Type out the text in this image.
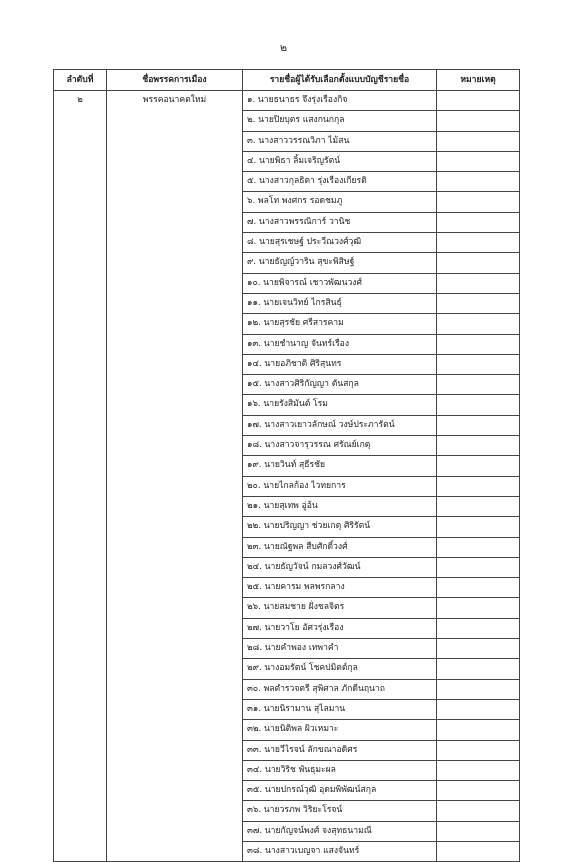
๒
ลำดับที่	ชื่อพรรคการเมือง	รายชื่อผู้ได้รับเลือกตั้งแบบบัญชีรายชื่อ	หมายเหตุ
๒	พรรคอนาคตใหม่	๑. นายธนาธร จึงรุ่งเรืองกิจ	
		๒. นายปิยบุตร แสงกนกกุล	
		๓. นางสาววรรณวิภา ไม้สน	
		๔. นายพิธา ลิ้มเจริญรัตน์	
		๕. นางสาวกุลธิดา รุ่งเรืองเกียรติ	
		๖. พลโท พงศกร รอดชมภู	
		๗. นางสาวพรรณิการ์ วานิช	
		๘. นายสุรเชษฐ์ ประวีณวงศ์วุฒิ	
		๙. นายธัญญ์วาริน สุขะพิสิษฐ์	
		๑๐. นายพิจารณ์ เชาวพัฒนวงศ์	
		๑๑. นายเจนวิทย์ ไกรสินธุ์	
		๑๒. นายสุรชัย ศรีสารคาม	
		๑๓. นายชำนาญ จันทร์เรือง	
		๑๔. นายอภิชาติ ศิริสุนทร	
		๑๕. นางสาวศิริกัญญา ตันสกุล	
		๑๖. นายรังสิมันต์ โรม	
		๑๗. นางสาวเยาวลักษณ์ วงษ์ประภารัตน์	
		๑๘. นางสาวจารุวรรณ ศรัณย์เกตุ	
		๑๙. นายวินท์ สุธีรชัย	
		๒๐. นายไกลก้อง ไวทยการ	
		๒๑. นายสุเทพ อู่อ้น	
		๒๒. นายปริญญา ช่วยเกตุ ศิริรัตน์	
		๒๓. นายณัฐพล สืบศักดิ์วงศ์	
		๒๔. นายธัญวัจน์ กมลวงศ์วัฒน์	
		๒๕. นายคารม พลพรกลาง	
		๒๖. นายสมชาย ฝั่งชลจิตร	
		๒๗. นายวาโย อัศวรุ่งเรือง	
		๒๘. นายคำพอง เทพาคำ	
		๒๙. นางอมรัตน์ โชคปมิตต์กุล	
		๓๐. พลตำรวจตรี สุพิศาล ภักดีนฤนาถ	
		๓๑. นายนิรามาน สุไลมาน	
		๓๒. นายนิติพล ผิวเหมาะ	
		๓๓. นายวีไรจน์ ลักขณาอดิศร	
		๓๔. นายวิริช พันธุมะผล	
		๓๕. นายปกรณ์วุฒิ อุดมพิพัฒน์สกุล	
		๓๖. นายวรภพ วิริยะโรจน์	
		๓๗. นายกัญจน์พงศ์ จงสุทธนามณี	
		๓๘. นางสาวเบญจา แสงจันทร์	
